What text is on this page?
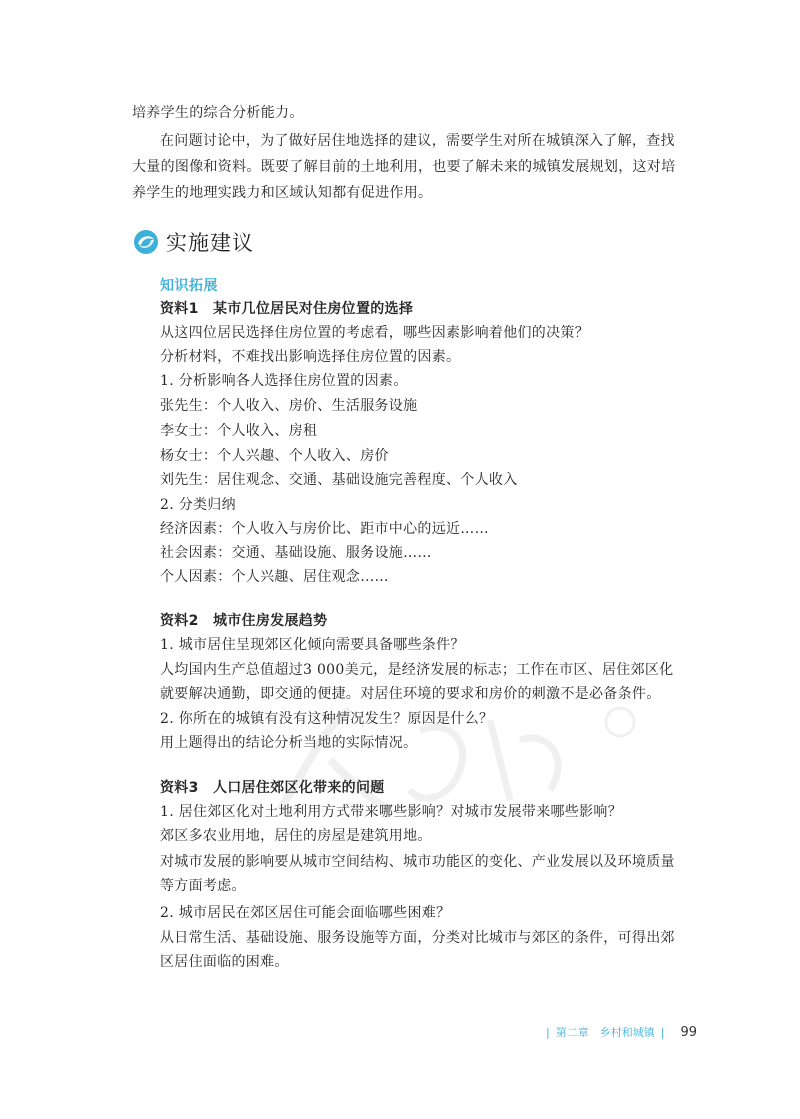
培养学生的综合分析能力。

在问题讨论中，为了做好居住地选择的建议，需要学生对所在城镇深入了解，查找大量的图像和资料。既要了解目前的土地利用，也要了解未来的城镇发展规划，这对培养学生的地理实践力和区域认知都有促进作用。

实施建议
知识拓展
资料1　某市几位居民对住房位置的选择
从这四位居民选择住房位置的考虑看，哪些因素影响着他们的决策？
分析材料，不难找出影响选择住房位置的因素。
1. 分析影响各人选择住房位置的因素。
张先生：个人收入、房价、生活服务设施
李女士：个人收入、房租
杨女士：个人兴趣、个人收入、房价
刘先生：居住观念、交通、基础设施完善程度、个人收入
2. 分类归纳
经济因素：个人收入与房价比、距市中心的远近……
社会因素：交通、基础设施、服务设施……
个人因素：个人兴趣、居住观念……
资料2　城市住房发展趋势
1. 城市居住呈现郊区化倾向需要具备哪些条件？

人均国内生产总值超过3 000美元，是经济发展的标志；工作在市区、居住郊区化就要解决通勤，即交通的便捷。对居住环境的要求和房价的刺激不是必备条件。

2. 你所在的城镇有没有这种情况发生？原因是什么？
用上题得出的结论分析当地的实际情况。
资料3　人口居住郊区化带来的问题
1. 居住郊区化对土地利用方式带来哪些影响？对城市发展带来哪些影响？
郊区多农业用地，居住的房屋是建筑用地。

对城市发展的影响要从城市空间结构、城市功能区的变化、产业发展以及环境质量等方面考虑。

2. 城市居民在郊区居住可能会面临哪些困难？

从日常生活、基础设施、服务设施等方面，分类对比城市与郊区的条件，可得出郊区居住面临的困难。

| 第二章　乡村和城镇 | 99
